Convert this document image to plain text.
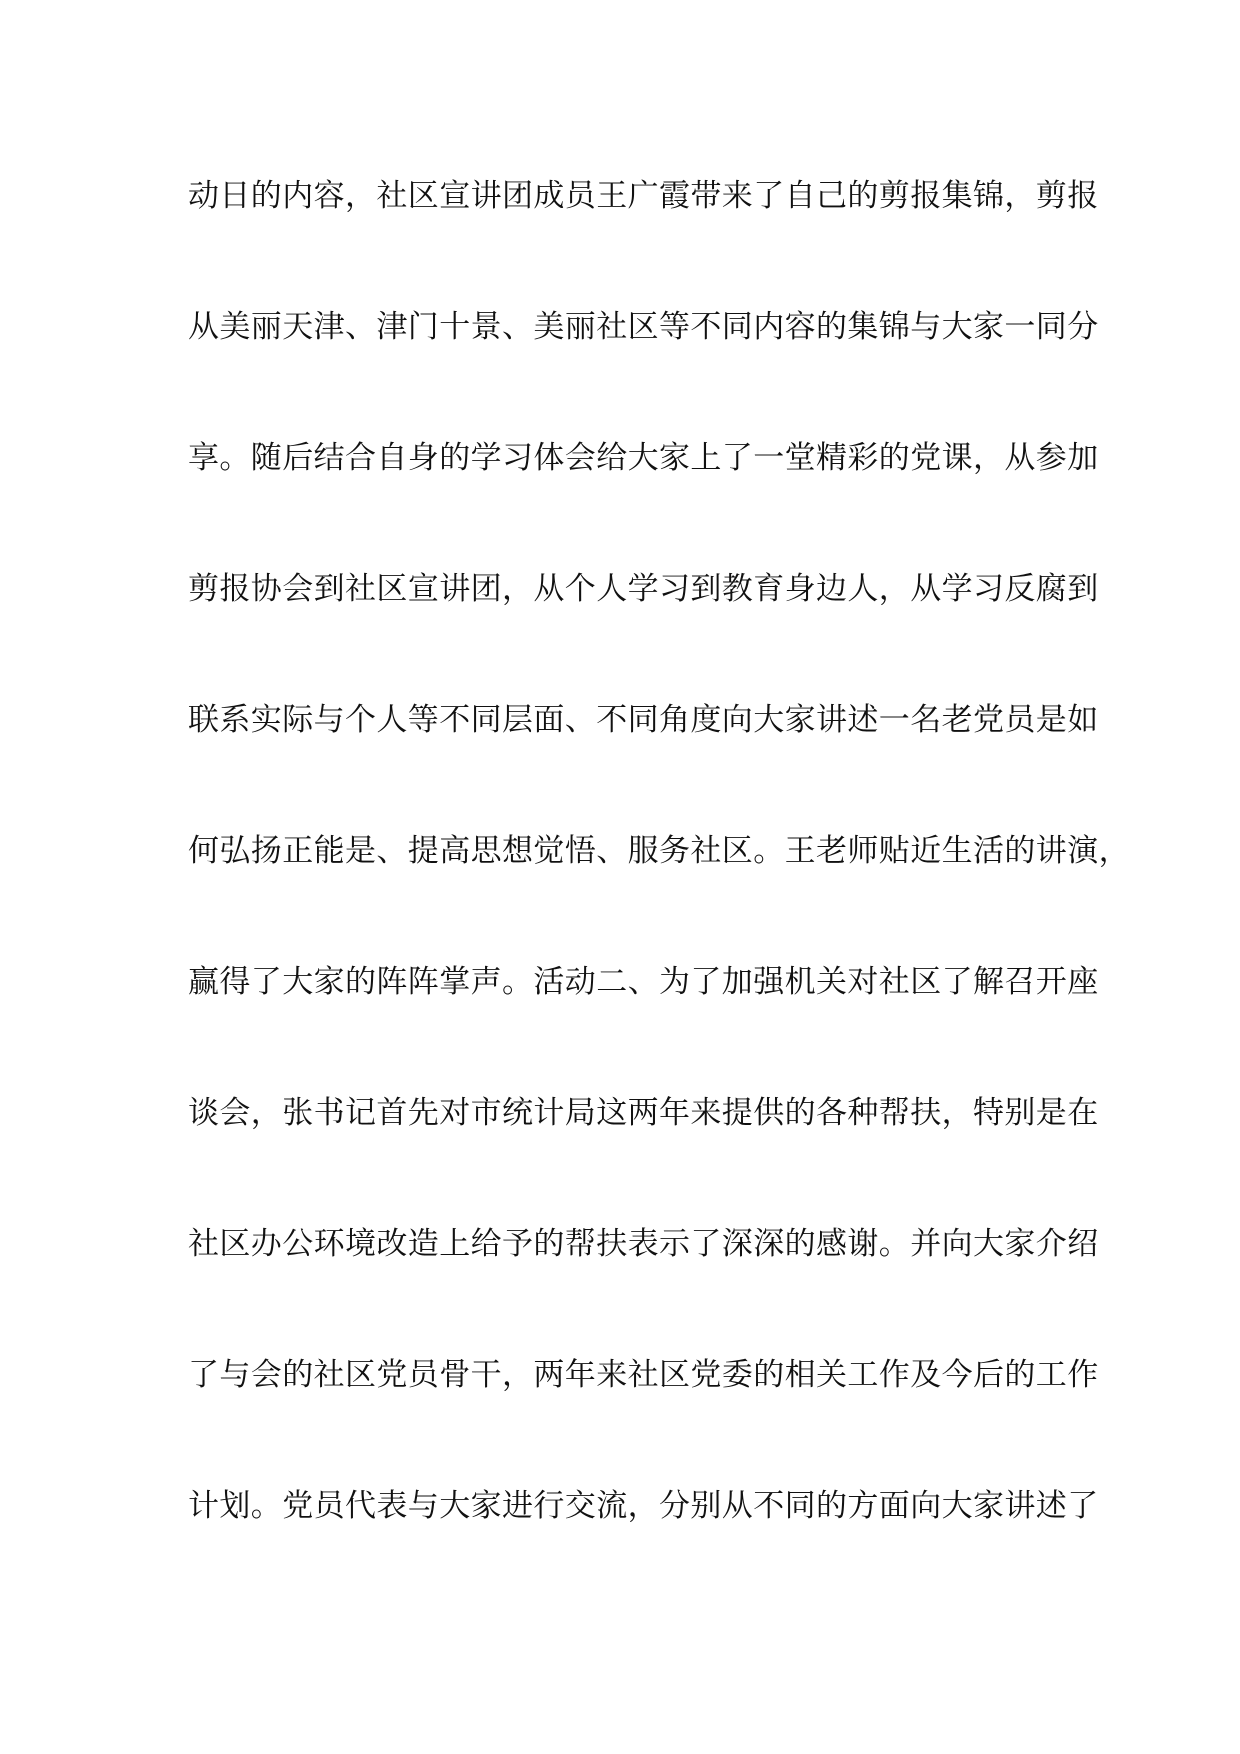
动日的内容，社区宣讲团成员王广霞带来了自己的剪报集锦，剪报
从美丽天津、津门十景、美丽社区等不同内容的集锦与大家一同分
享。随后结合自身的学习体会给大家上了一堂精彩的党课，从参加
剪报协会到社区宣讲团，从个人学习到教育身边人，从学习反腐到
联系实际与个人等不同层面、不同角度向大家讲述一名老党员是如
何弘扬正能是、提高思想觉悟、服务社区。王老师贴近生活的讲演，
赢得了大家的阵阵掌声。活动二、为了加强机关对社区了解召开座
谈会，张书记首先对市统计局这两年来提供的各种帮扶，特别是在
社区办公环境改造上给予的帮扶表示了深深的感谢。并向大家介绍
了与会的社区党员骨干，两年来社区党委的相关工作及今后的工作
计划。党员代表与大家进行交流，分别从不同的方面向大家讲述了
